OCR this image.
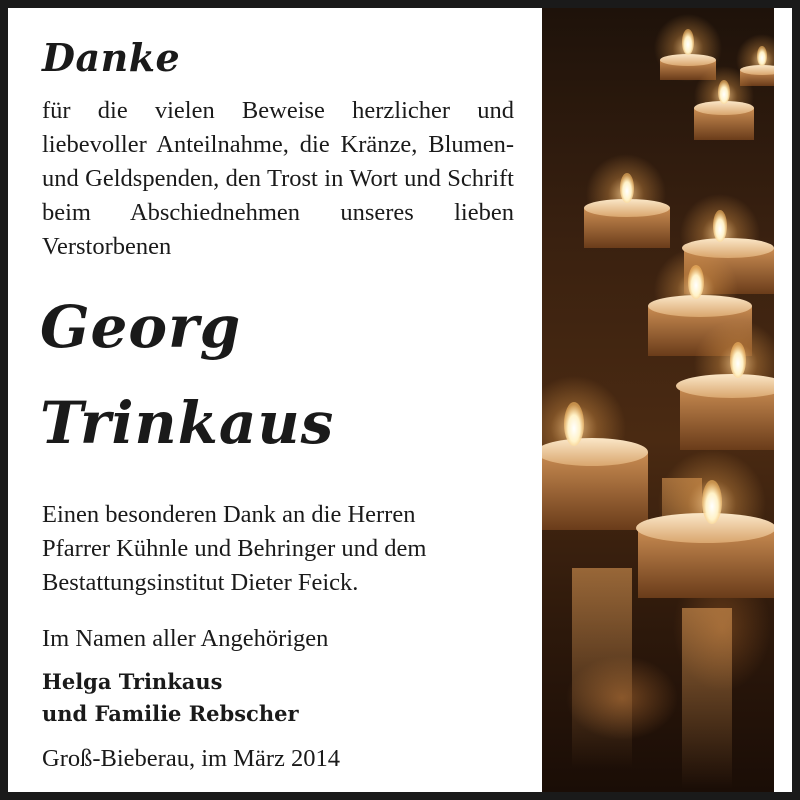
Danke

für die vielen Beweise herzlicher und liebevoller Anteilnahme, die Kränze, Blumen- und Geldspenden, den Trost in Wort und Schrift beim Abschiednehmen unseres lieben Verstorbenen

Georg

Trinkaus

Einen besonderen Dank an die Herren
Pfarrer Kühnle und Behringer und dem
Bestattungsinstitut Dieter Feick.

Im Namen aller Angehörigen

Helga Trinkaus
und Familie Rebscher

Groß-Bieberau, im März 2014
